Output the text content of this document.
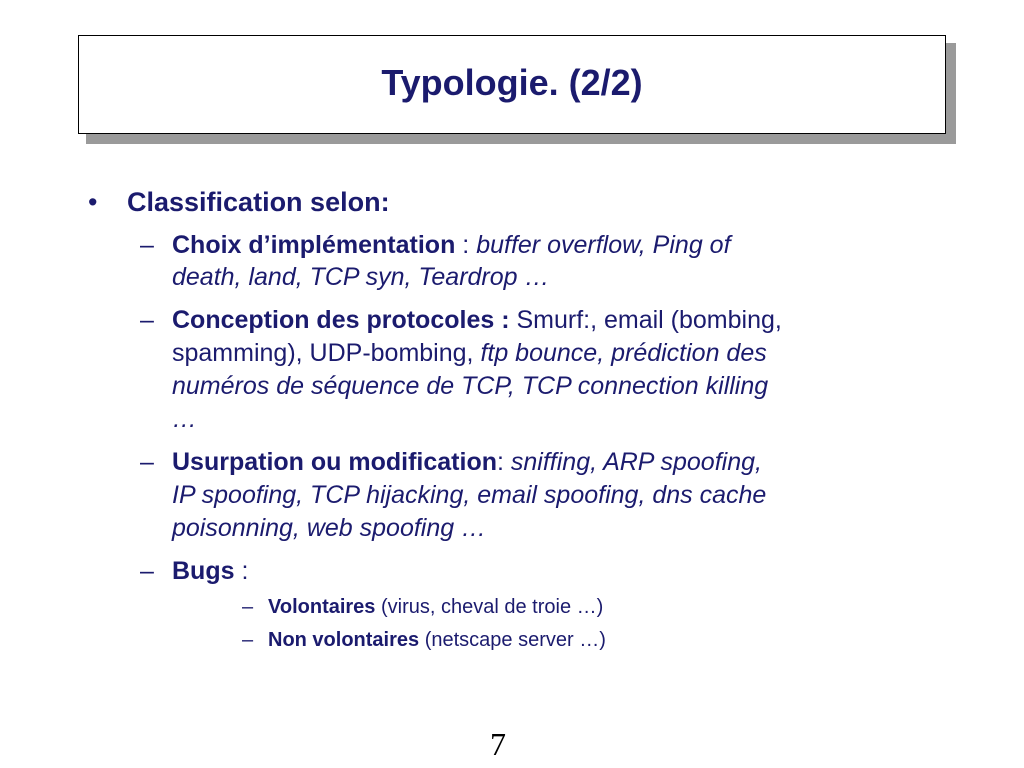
Typologie. (2/2)
• Classification selon:
– Choix d’implémentation : buffer overflow, Ping of
death, land, TCP syn, Teardrop …
– Conception des protocoles : Smurf:, email (bombing,
spamming), UDP-bombing, ftp bounce, prédiction des
numéros de séquence de TCP, TCP connection killing
…
– Usurpation ou modification: sniffing, ARP spoofing,
IP spoofing, TCP hijacking, email spoofing, dns cache
poisonning, web spoofing …
– Bugs :
– Volontaires (virus, cheval de troie …)
– Non volontaires (netscape server …)
7
